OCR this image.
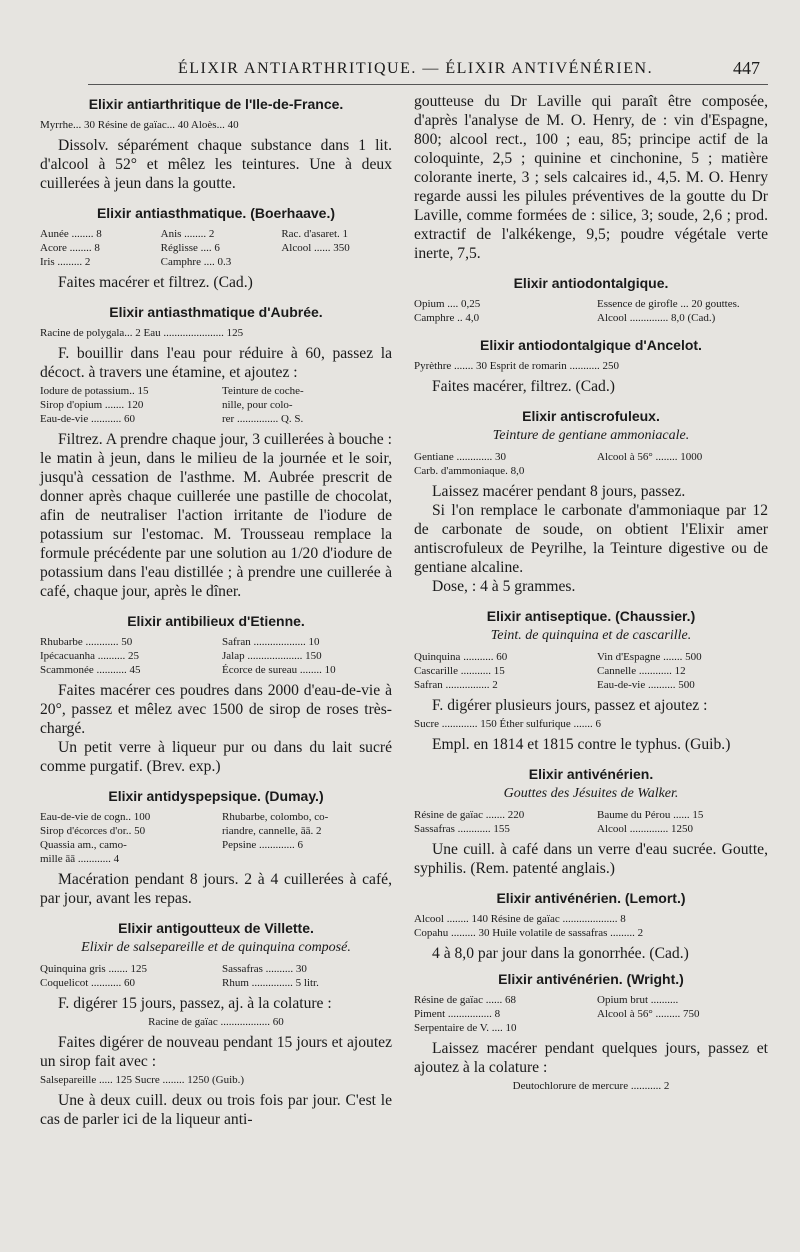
ÉLIXIR ANTIARTHRITIQUE. — ÉLIXIR ANTIVÉNÉRIEN.	447
Elixir antiarthritique de l'Ile-de-France.
Myrrhe... 30 Résine de gaïac... 40 Aloès... 40

Dissolv. séparément chaque substance dans 1 lit. d'alcool à 52° et mêlez les teintures. Une à deux cuillerées à jeun dans la goutte.

Elixir antiasthmatique. (Boerhaave.)
Aunée ........ 8	Anis ........ 2	Rac. d'asaret. 1
Acore ........ 8	Réglisse .... 6	Alcool ...... 350
Iris ......... 2	Camphre .... 0.3

Faites macérer et filtrez. (Cad.)

Elixir antiasthmatique d'Aubrée.
Racine de polygala... 2 Eau ...................... 125

F. bouillir dans l'eau pour réduire à 60, passez la décoct. à travers une étamine, et ajoutez :

Iodure de potassium.. 15	Teinture de coche-
Sirop d'opium ....... 120	nille, pour colo-
Eau-de-vie ........... 60	rer ............... Q. S.

Filtrez. A prendre chaque jour, 3 cuillerées à bouche : le matin à jeun, dans le milieu de la journée et le soir, jusqu'à cessation de l'asthme. M. Aubrée prescrit de donner après chaque cuillerée une pastille de chocolat, afin de neutraliser l'action irritante de l'iodure de potassium sur l'estomac. M. Trousseau remplace la formule précédente par une solution au 1/20 d'iodure de potassium dans l'eau distillée ; à prendre une cuillerée à café, chaque jour, après le dîner.

Elixir antibilieux d'Etienne.
Rhubarbe ............ 50	Safran ................... 10
Ipécacuanha .......... 25	Jalap .................... 150
Scammonée ........... 45	Écorce de sureau ........ 10

Faites macérer ces poudres dans 2000 d'eau-de-vie à 20°, passez et mêlez avec 1500 de sirop de roses très-chargé.

Un petit verre à liqueur pur ou dans du lait sucré comme purgatif. (Brev. exp.)

Elixir antidyspepsique. (Dumay.)
Eau-de-vie de cogn.. 100	Rhubarbe, colombo, co-
Sirop d'écorces d'or.. 50	riandre, cannelle, āā. 2
Quassia am., camo-	Pepsine ............. 6
mille āā ............ 4

Macération pendant 8 jours. 2 à 4 cuillerées à café, par jour, avant les repas.

Elixir antigoutteux de Villette.
Elixir de salsepareille et de quinquina composé.
Quinquina gris ....... 125	Sassafras .......... 30
Coquelicot ........... 60	Rhum ............... 5 litr.

F. digérer 15 jours, passez, aj. à la colature :

Racine de gaïac .................. 60

Faites digérer de nouveau pendant 15 jours et ajoutez un sirop fait avec :

Salsepareille ..... 125 Sucre ........ 1250 (Guib.)

Une à deux cuill. deux ou trois fois par jour. C'est le cas de parler ici de la liqueur anti-

goutteuse du Dr Laville qui paraît être composée, d'après l'analyse de M. O. Henry, de : vin d'Espagne, 800; alcool rect., 100 ; eau, 85; principe actif de la coloquinte, 2,5 ; quinine et cinchonine, 5 ; matière colorante inerte, 3 ; sels calcaires id., 4,5. M. O. Henry regarde aussi les pilules préventives de la goutte du Dr Laville, comme formées de : silice, 3; soude, 2,6 ; prod. extractif de l'alkékenge, 9,5; poudre végétale verte inerte, 7,5.

Elixir antiodontalgique.
Opium .... 0,25	Essence de girofle ... 20 gouttes.
Camphre .. 4,0	Alcool .............. 8,0 (Cad.)
Elixir antiodontalgique d'Ancelot.
Pyrèthre ....... 30 Esprit de romarin ........... 250

Faites macérer, filtrez. (Cad.)

Elixir antiscrofuleux.
Teinture de gentiane ammoniacale.
Gentiane ............. 30	Alcool à 56° ........ 1000
Carb. d'ammoniaque. 8,0

Laissez macérer pendant 8 jours, passez.

Si l'on remplace le carbonate d'ammoniaque par 12 de carbonate de soude, on obtient l'Elixir amer antiscrofuleux de Peyrilhe, la Teinture digestive ou de gentiane alcaline.

Dose, : 4 à 5 grammes.

Elixir antiseptique. (Chaussier.)
Teint. de quinquina et de cascarille.
Quinquina ........... 60	Vin d'Espagne ....... 500
Cascarille ........... 15	Cannelle ............ 12
Safran ................ 2	Eau-de-vie .......... 500

F. digérer plusieurs jours, passez et ajoutez :

Sucre ............. 150 Éther sulfurique ....... 6

Empl. en 1814 et 1815 contre le typhus. (Guib.)

Elixir antivénérien.
Gouttes des Jésuites de Walker.
Résine de gaïac ....... 220	Baume du Pérou ...... 15
Sassafras ............ 155	Alcool .............. 1250

Une cuill. à café dans un verre d'eau sucrée. Goutte, syphilis. (Rem. patenté anglais.)

Elixir antivénérien. (Lemort.)
Alcool ........ 140 Résine de gaïac .................... 8
Copahu ......... 30 Huile volatile de sassafras ......... 2

4 à 8,0 par jour dans la gonorrhée. (Cad.)

Elixir antivénérien. (Wright.)
Résine de gaïac ...... 68	Opium brut ..........
Piment ................ 8	Alcool à 56° ......... 750
Serpentaire de V. .... 10

Laissez macérer pendant quelques jours, passez et ajoutez à la colature :

Deutochlorure de mercure ........... 2
